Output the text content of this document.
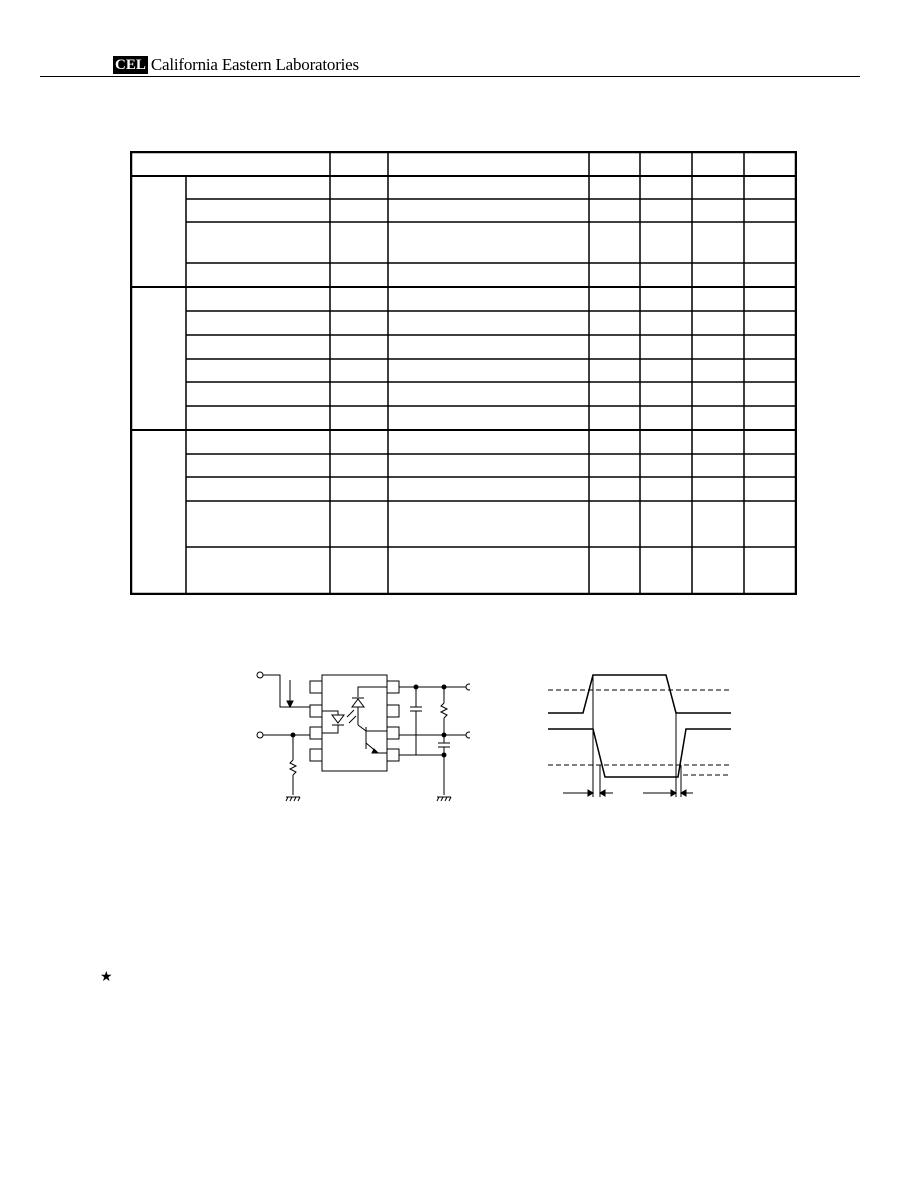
CEL California Eastern Laboratories
★
